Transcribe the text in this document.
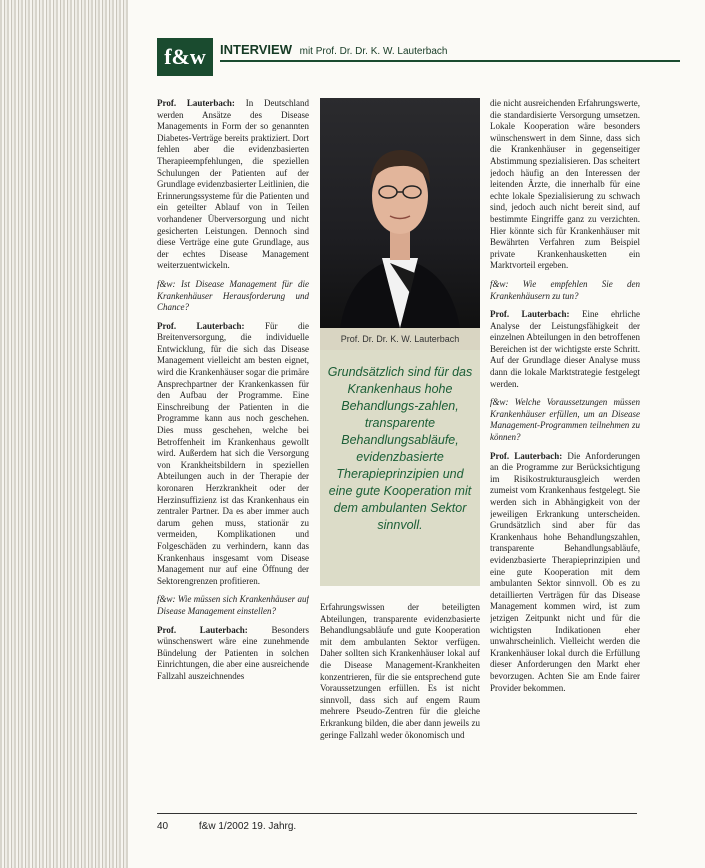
f&w	INTERVIEW mit Prof. Dr. Dr. K. W. Lauterbach

Prof. Lauterbach: In Deutschland werden Ansätze des Disease Managements in Form der so genannten Diabetes-Verträge bereits praktiziert. Dort fehlen aber die evidenzbasierten Therapieempfehlungen, die speziellen Schulungen der Patienten auf der Grundlage evidenzbasierter Leitlinien, die Erinnerungssysteme für die Patienten und ein geteilter Ablauf von in Teilen vorhandener Überversorgung und nicht gesicherten Leistungen. Dennoch sind diese Verträge eine gute Grundlage, aus der echtes Disease Management weiterzuentwickeln.

f&w: Ist Disease Management für die Krankenhäuser Herausforderung und Chance?

Prof. Lauterbach: Für die Breitenversorgung, die individuelle Entwicklung, für die sich das Disease Management vielleicht am besten eignet, wird die Krankenhäuser sogar die primäre Ansprechpartner der Krankenkassen für den Aufbau der Programme. Eine Einschreibung der Patienten in die Programme kann aus noch geschehen. Dies muss geschehen, welche bei Betroffenheit im Krankenhaus gewollt wird. Außerdem hat sich die Versorgung von Krankheitsbildern in speziellen Abteilungen auch in der Therapie der koronaren Herzkrankheit oder der Herzinsuffizienz ist das Krankenhaus ein zentraler Partner. Da es aber immer auch darum gehen muss, stationär zu vermeiden, Komplikationen und Folgeschäden zu verhindern, kann das Krankenhaus insgesamt vom Disease Management nur auf eine Öffnung der Sektorengrenzen profitieren.

f&w: Wie müssen sich Krankenhäuser auf Disease Management einstellen?

Prof. Lauterbach: Besonders wünschenswert wäre eine zunehmende Bündelung der Patienten in solchen Einrichtungen, die aber eine ausreichende Fallzahl auszeichnendes

Prof. Dr. Dr. K. W. Lauterbach
Grundsätzlich sind für das Krankenhaus hohe Behandlungs-zahlen, transparente Behandlungsabläufe, evidenzbasierte Therapieprinzipien und eine gute Kooperation mit dem ambulanten Sektor sinnvoll.

Erfahrungswissen der beteiligten Abteilungen, transparente evidenzbasierte Behandlungsabläufe und gute Kooperation mit dem ambulanten Sektor verfügen. Daher sollten sich Krankenhäuser lokal auf die Disease Management-Krankheiten konzentrieren, für die sie entsprechend gute Voraussetzungen erfüllen. Es ist nicht sinnvoll, dass sich auf engem Raum mehrere Pseudo-Zentren für die gleiche Erkrankung bilden, die aber dann jeweils zu geringe Fallzahl weder ökonomisch und

die nicht ausreichenden Erfahrungswerte, die standardisierte Versorgung umsetzen. Lokale Kooperation wäre besonders wünschenswert in dem Sinne, dass sich die Krankenhäuser in gegenseitiger Abstimmung spezialisieren. Das scheitert jedoch häufig an den Interessen der leitenden Ärzte, die innerhalb für eine echte lokale Spezialisierung zu schwach sind, jedoch auch nicht bereit sind, auf bestimmte Eingriffe ganz zu verzichten. Hier könnte sich für Krankenhäuser mit Bewährten Verfahren zum Beispiel private Krankenhausketten ein Marktvorteil ergeben.

f&w: Wie empfehlen Sie den Krankenhäusern zu tun?

Prof. Lauterbach: Eine ehrliche Analyse der Leistungsfähigkeit der einzelnen Abteilungen in den betroffenen Bereichen ist der wichtigste erste Schritt. Auf der Grundlage dieser Analyse muss dann die lokale Marktstrategie festgelegt werden.

f&w: Welche Voraussetzungen müssen Krankenhäuser erfüllen, um an Disease Management-Programmen teilnehmen zu können?

Prof. Lauterbach: Die Anforderungen an die Programme zur Berücksichtigung im Risikostrukturausgleich werden zumeist vom Krankenhaus festgelegt. Sie werden sich in Abhängigkeit von der jeweiligen Erkrankung unterscheiden. Grundsätzlich sind aber für das Krankenhaus hohe Behandlungszahlen, transparente Behandlungsabläufe, evidenzbasierte Therapieprinzipien und eine gute Kooperation mit dem ambulanten Sektor sinnvoll. Ob es zu detaillierten Verträgen für das Disease Management kommen wird, ist zum jetzigen Zeitpunkt nicht und für die wichtigsten Indikationen eher unwahrscheinlich. Vielleicht werden die Krankenhäuser lokal durch die Erfüllung dieser Anforderungen den Markt eher bevorzugen. Achten Sie am Ende fairer Provider bekommen.

40	f&w 1/2002 19. Jahrg.
